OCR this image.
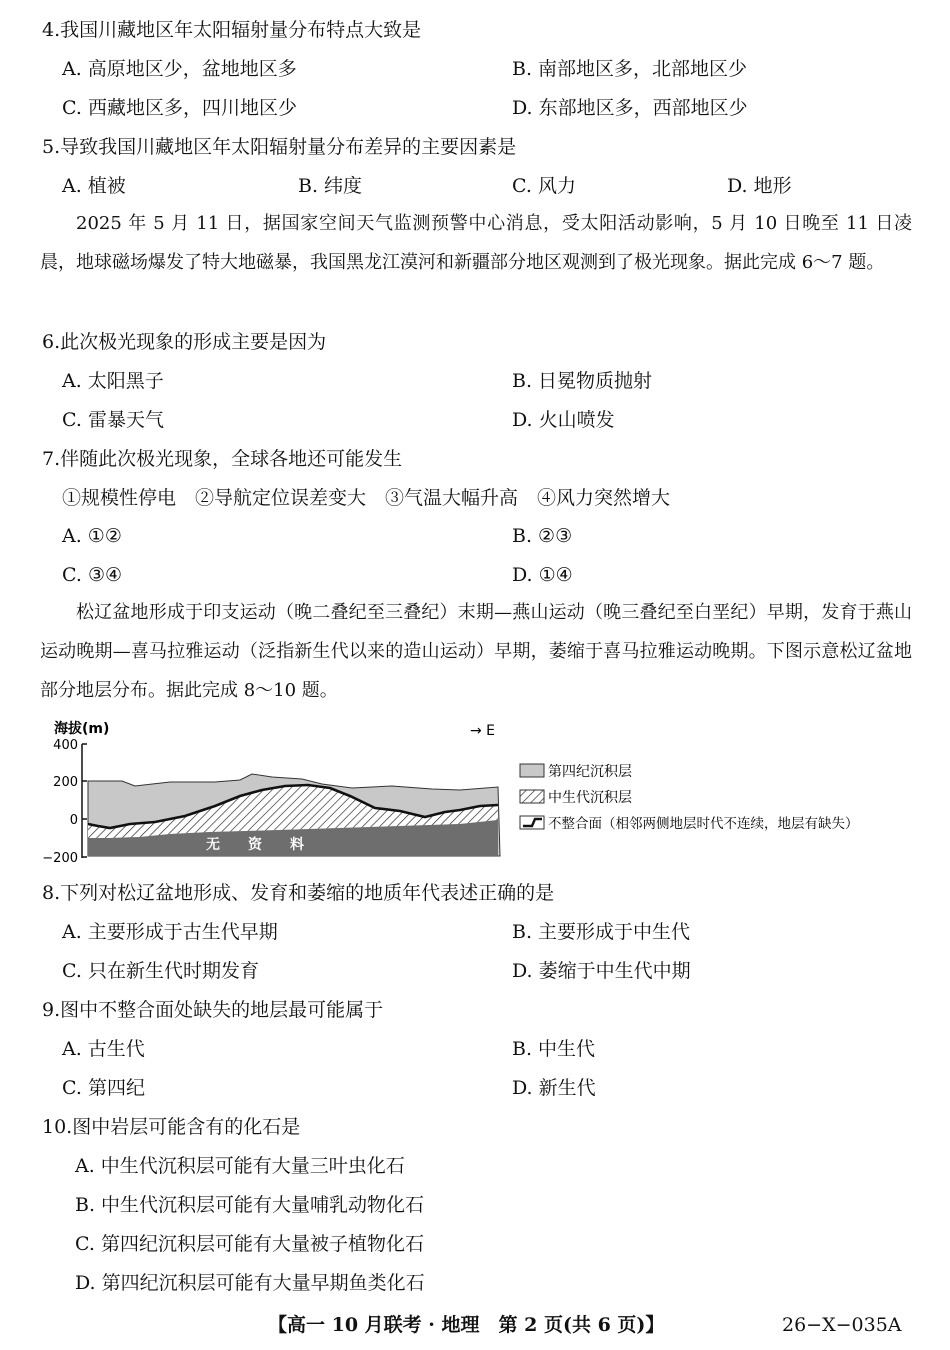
4.我国川藏地区年太阳辐射量分布特点大致是
A. 高原地区少，盆地地区多	B. 南部地区多，北部地区少
C. 西藏地区多，四川地区少	D. 东部地区多，西部地区少
5.导致我国川藏地区年太阳辐射量分布差异的主要因素是
A. 植被	B. 纬度	C. 风力	D. 地形
2025 年 5 月 11 日，据国家空间天气监测预警中心消息，受太阳活动影响，5 月 10 日晚至 11 日凌晨，地球磁场爆发了特大地磁暴，我国黑龙江漠河和新疆部分地区观测到了极光现象。据此完成 6～7 题。
6.此次极光现象的形成主要是因为
A. 太阳黑子	B. 日冕物质抛射
C. 雷暴天气	D. 火山喷发
7.伴随此次极光现象，全球各地还可能发生
①规模性停电　②导航定位误差变大　③气温大幅升高　④风力突然增大
A. ①②	B. ②③
C. ③④	D. ①④
松辽盆地形成于印支运动（晚二叠纪至三叠纪）末期—燕山运动（晚三叠纪至白垩纪）早期，发育于燕山运动晚期—喜马拉雅运动（泛指新生代以来的造山运动）早期，萎缩于喜马拉雅运动晚期。下图示意松辽盆地部分地层分布。据此完成 8～10 题。
海拔(m)
400
200
0
−200
→ E
无　　资　　料
第四纪沉积层
中生代沉积层
不整合面（相邻两侧地层时代不连续，地层有缺失）
8.下列对松辽盆地形成、发育和萎缩的地质年代表述正确的是
A. 主要形成于古生代早期	B. 主要形成于中生代
C. 只在新生代时期发育	D. 萎缩于中生代中期
9.图中不整合面处缺失的地层最可能属于
A. 古生代	B. 中生代
C. 第四纪	D. 新生代
10.图中岩层可能含有的化石是
A. 中生代沉积层可能有大量三叶虫化石
B. 中生代沉积层可能有大量哺乳动物化石
C. 第四纪沉积层可能有大量被子植物化石
D. 第四纪沉积层可能有大量早期鱼类化石
【高一 10 月联考 · 地理　第 2 页(共 6 页)】	26−X−035A
